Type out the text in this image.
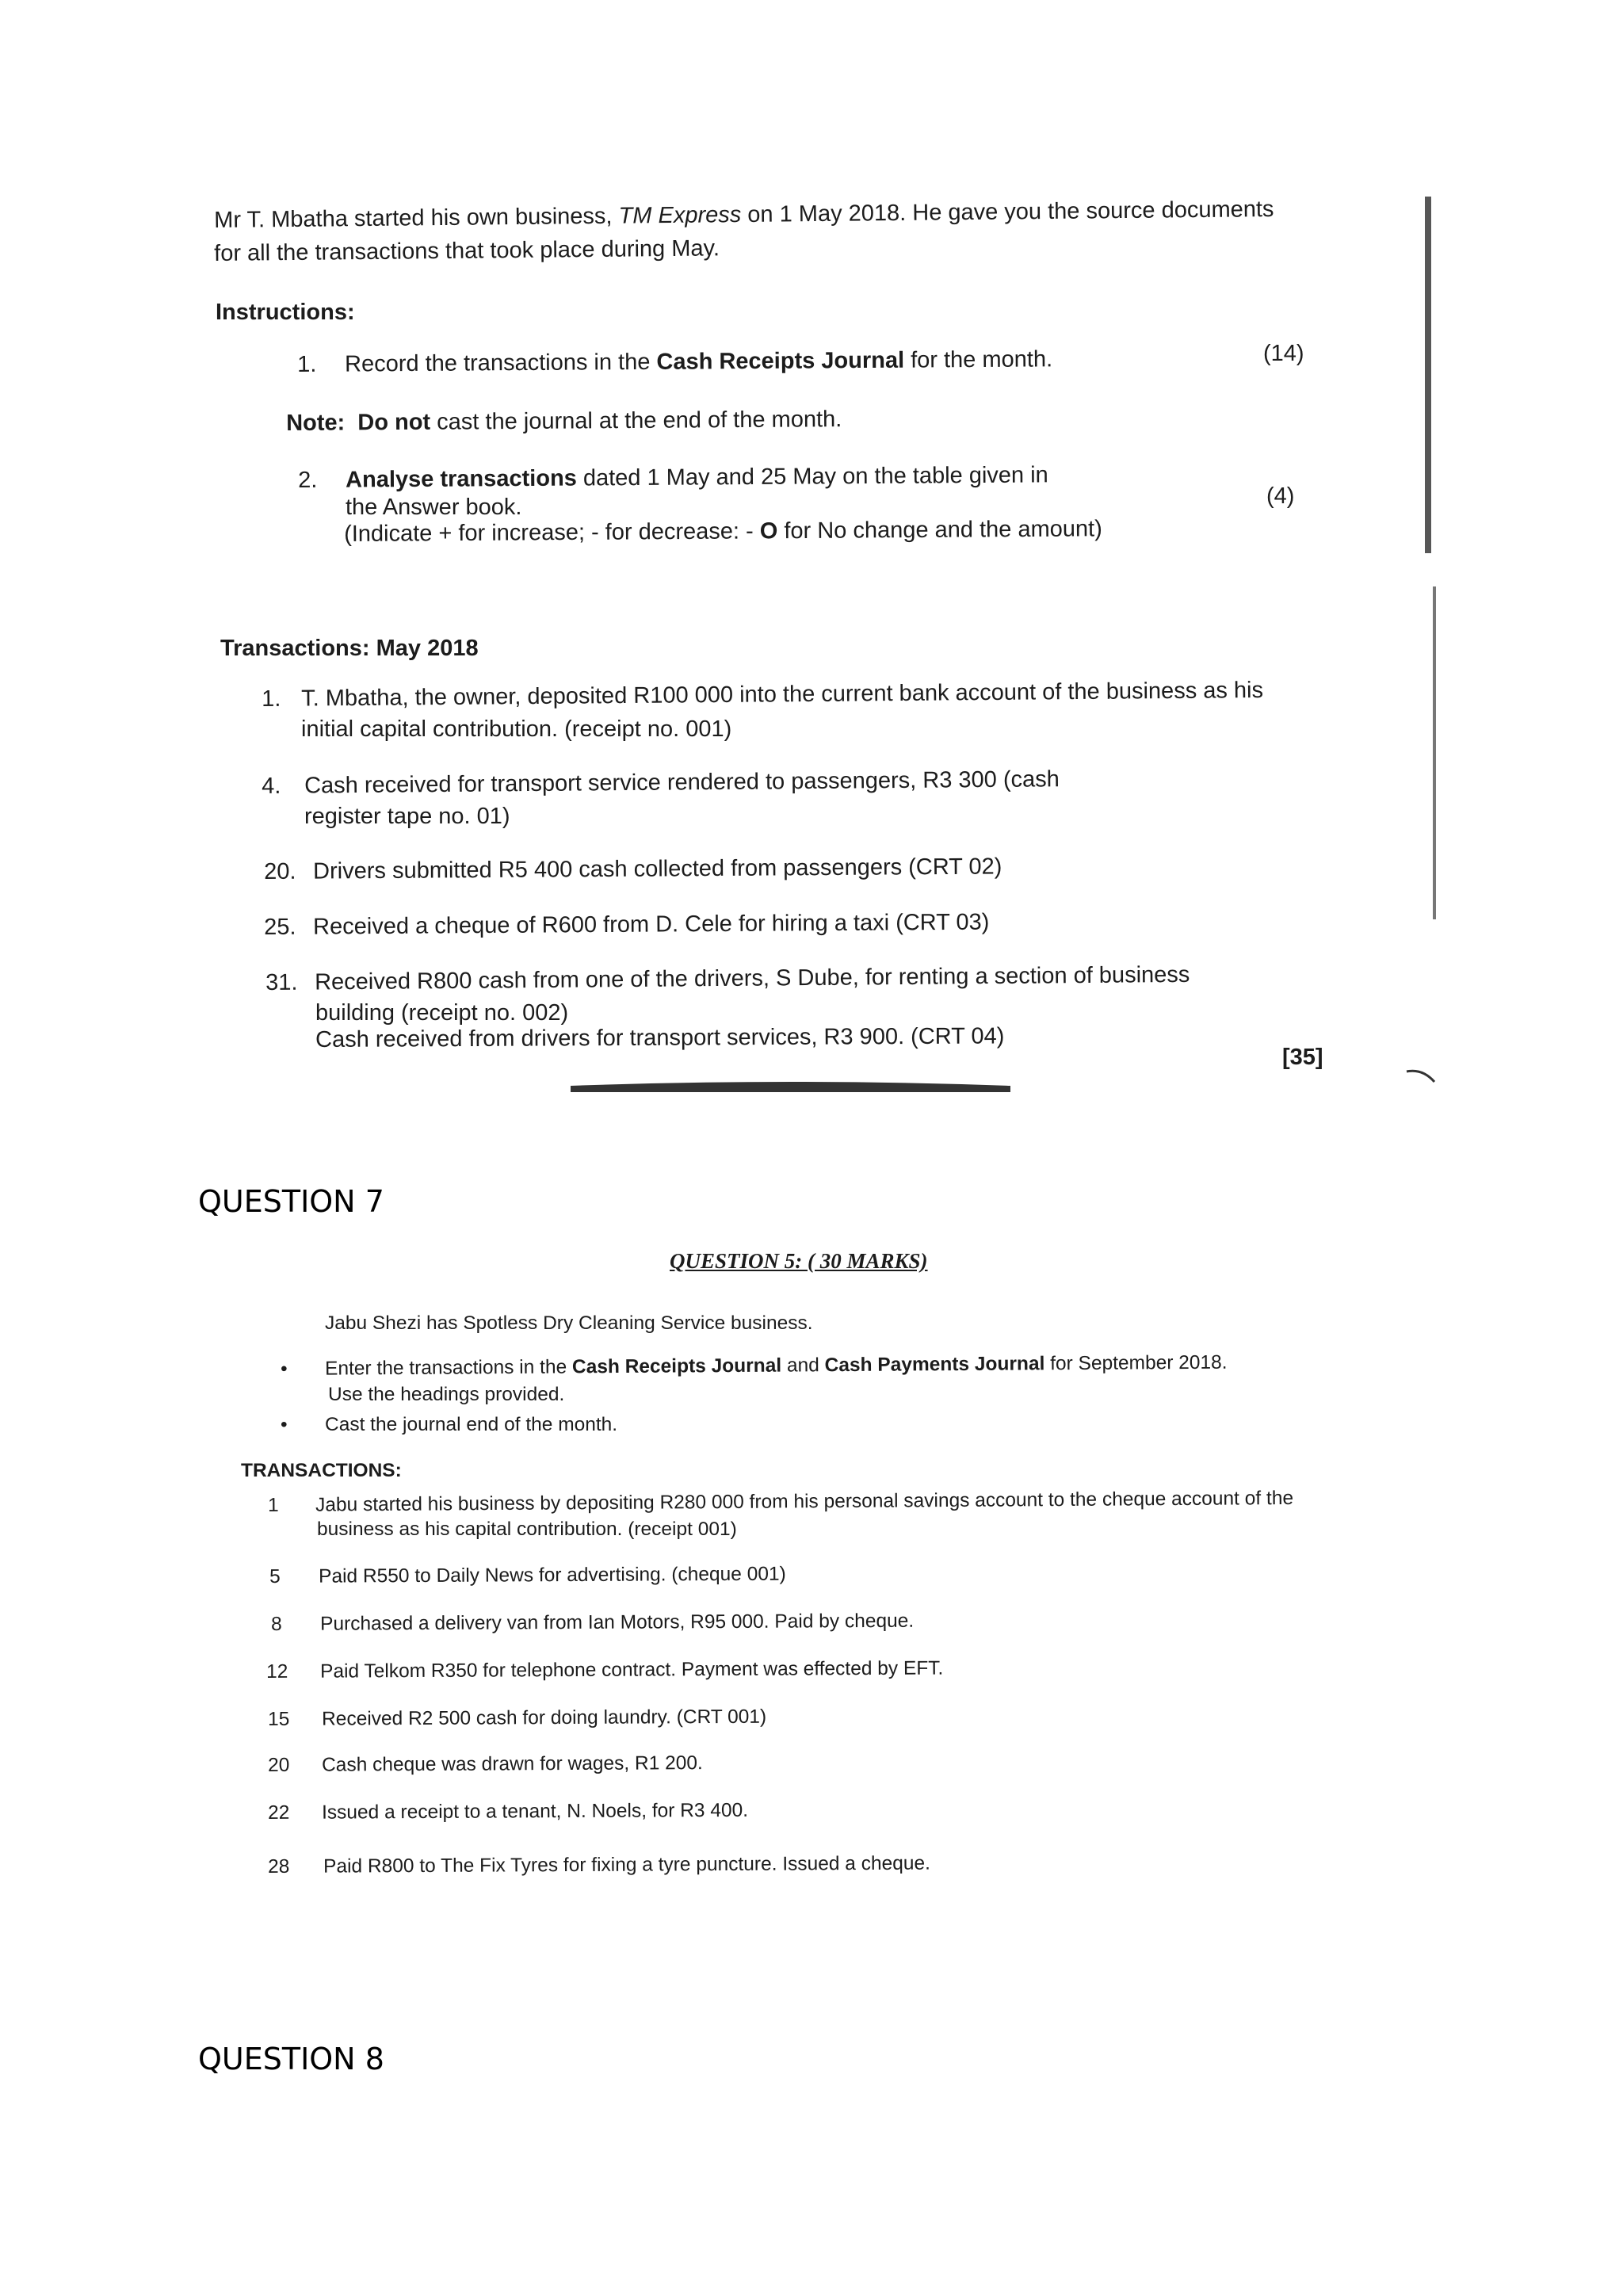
Mr T. Mbatha started his own business, TM Express on 1 May 2018. He gave you the source documents
for all the transactions that took place during May.
Instructions:
1. Record the transactions in the Cash Receipts Journal for the month.	(14)
Note: Do not cast the journal at the end of the month.
2. Analyse transactions dated 1 May and 25 May on the table given in
the Answer book.
(Indicate + for increase; - for decrease: - O for No change and the amount)
(4)
Transactions: May 2018
1. T. Mbatha, the owner, deposited R100 000 into the current bank account of the business as his
initial capital contribution. (receipt no. 001)
4. Cash received for transport service rendered to passengers, R3 300 (cash
register tape no. 01)
20. Drivers submitted R5 400 cash collected from passengers (CRT 02)
25. Received a cheque of R600 from D. Cele for hiring a taxi (CRT 03)
31. Received R800 cash from one of the drivers, S Dube, for renting a section of business
building (receipt no. 002)
Cash received from drivers for transport services, R3 900. (CRT 04)
[35]
QUESTION 7
QUESTION 5: ( 30 MARKS)
Jabu Shezi has Spotless Dry Cleaning Service business.
• Enter the transactions in the Cash Receipts Journal and Cash Payments Journal for September 2018.
Use the headings provided.
• Cast the journal end of the month.
TRANSACTIONS:
1 Jabu started his business by depositing R280 000 from his personal savings account to the cheque account of the
business as his capital contribution. (receipt 001)
5 Paid R550 to Daily News for advertising. (cheque 001)
8 Purchased a delivery van from Ian Motors, R95 000. Paid by cheque.
12 Paid Telkom R350 for telephone contract. Payment was effected by EFT.
15 Received R2 500 cash for doing laundry. (CRT 001)
20 Cash cheque was drawn for wages, R1 200.
22 Issued a receipt to a tenant, N. Noels, for R3 400.
28 Paid R800 to The Fix Tyres for fixing a tyre puncture. Issued a cheque.
QUESTION 8
